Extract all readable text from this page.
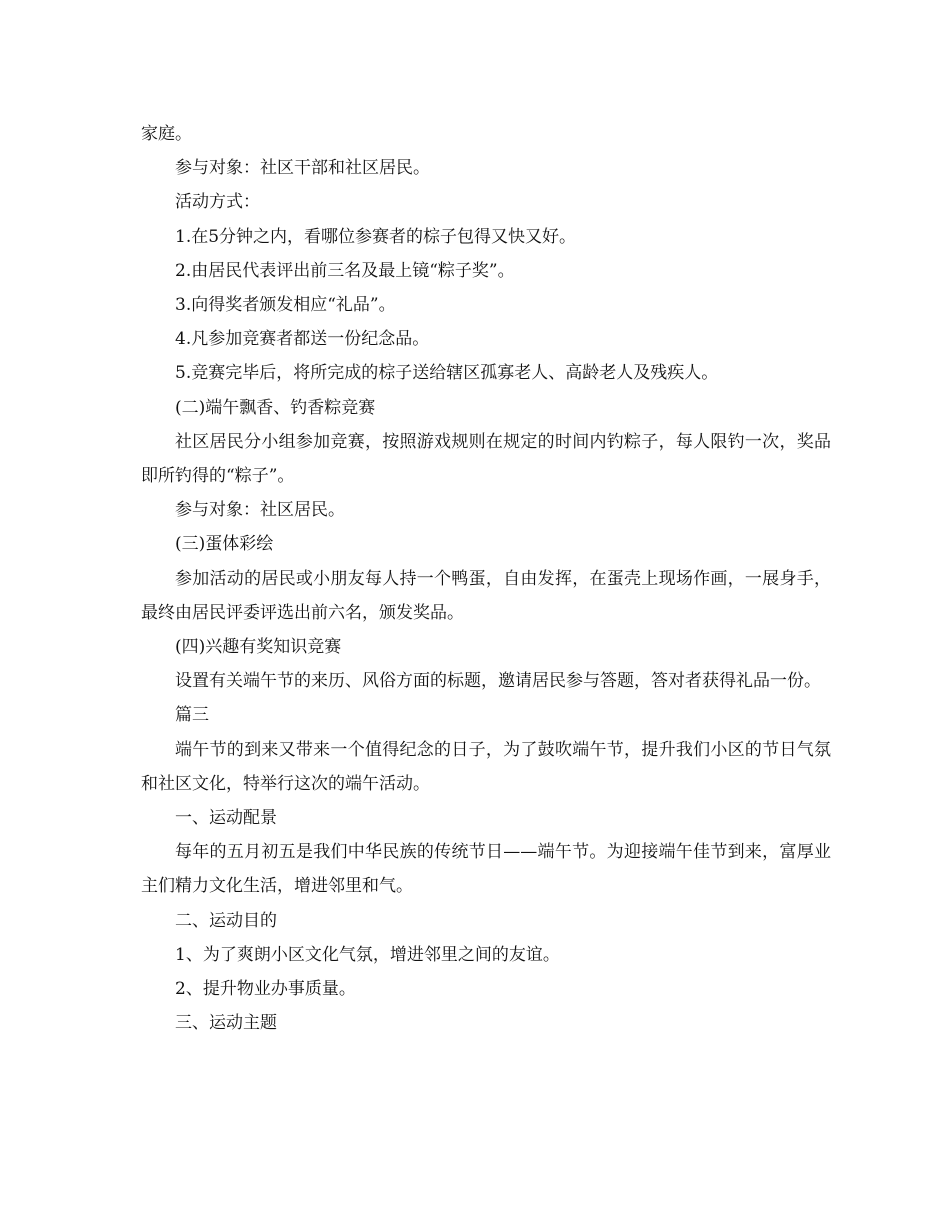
家庭。

参与对象：社区干部和社区居民。

活动方式：

1.在5分钟之内，看哪位参赛者的棕子包得又快又好。

2.由居民代表评出前三名及最上镜“粽子奖”。

3.向得奖者颁发相应“礼品”。

4.凡参加竞赛者都送一份纪念品。

5.竞赛完毕后，将所完成的棕子送给辖区孤寡老人、高龄老人及残疾人。

(二)端午飘香、钓香粽竞赛

社区居民分小组参加竞赛，按照游戏规则在规定的时间内钓粽子，每人限钓一次，奖品即所钓得的“粽子”。

参与对象：社区居民。

(三)蛋体彩绘

参加活动的居民或小朋友每人持一个鸭蛋，自由发挥，在蛋壳上现场作画，一展身手，最终由居民评委评选出前六名，颁发奖品。

(四)兴趣有奖知识竞赛

设置有关端午节的来历、风俗方面的标题，邀请居民参与答题，答对者获得礼品一份。

篇三

端午节的到来又带来一个值得纪念的日子，为了鼓吹端午节，提升我们小区的节日气氛和社区文化，特举行这次的端午活动。

一、运动配景

每年的五月初五是我们中华民族的传统节日——端午节。为迎接端午佳节到来，富厚业主们精力文化生活，增进邻里和气。

二、运动目的

1、为了爽朗小区文化气氛，增进邻里之间的友谊。

2、提升物业办事质量。

三、运动主题
